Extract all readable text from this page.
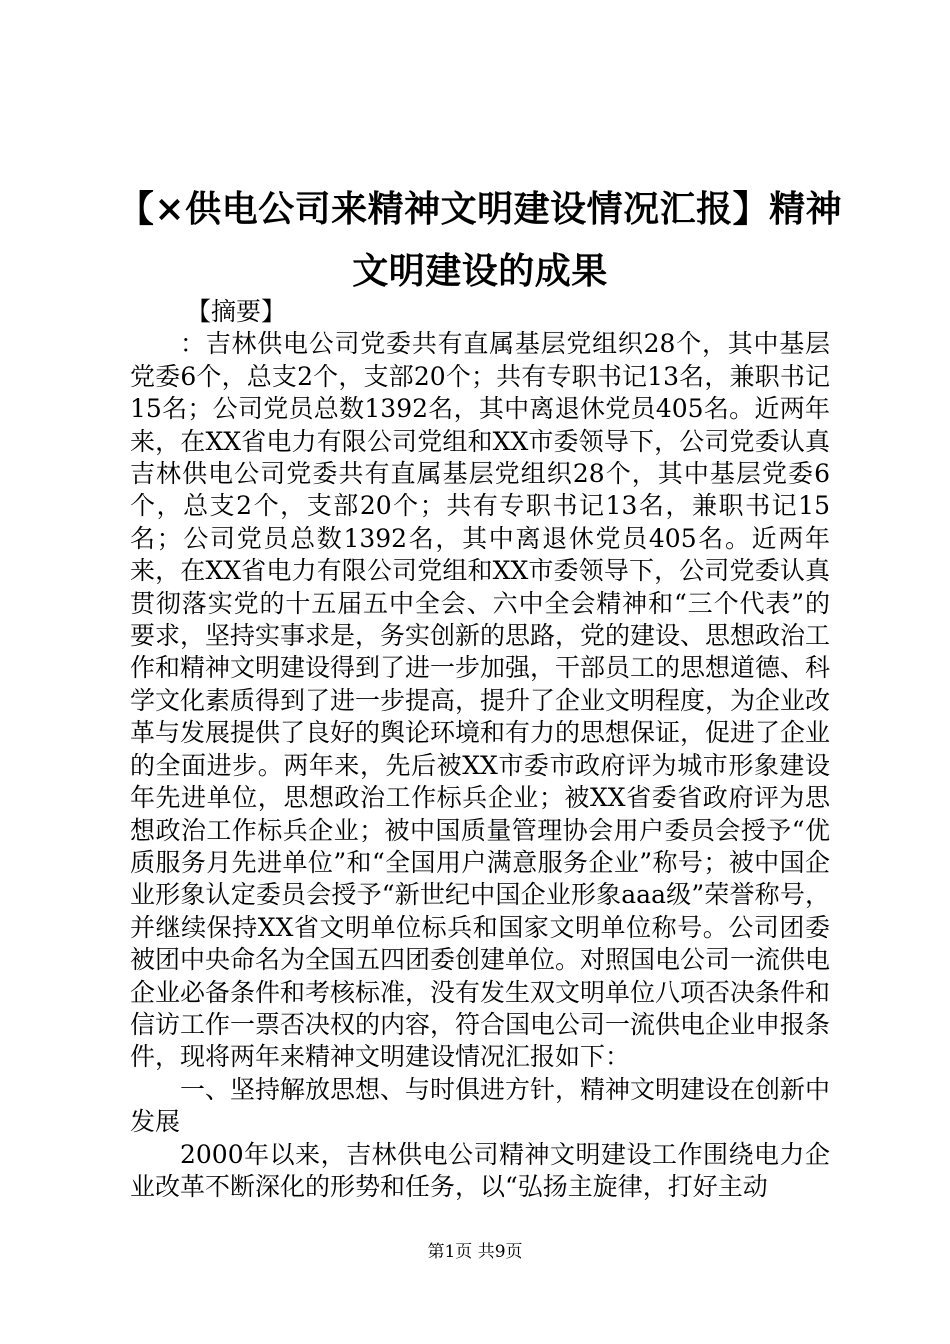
【×供电公司来精神文明建设情况汇报】精神文明建设的成果

【摘要】

：吉林供电公司党委共有直属基层党组织28个，其中基层党委6个，总支2个，支部20个；共有专职书记13名，兼职书记15名；公司党员总数1392名，其中离退休党员405名。近两年来，在XX省电力有限公司党组和XX市委领导下，公司党委认真吉林供电公司党委共有直属基层党组织28个，其中基层党委6个，总支2个，支部20个；共有专职书记13名，兼职书记15名；公司党员总数1392名，其中离退休党员405名。近两年来，在XX省电力有限公司党组和XX市委领导下，公司党委认真贯彻落实党的十五届五中全会、六中全会精神和“三个代表”的要求，坚持实事求是，务实创新的思路，党的建设、思想政治工作和精神文明建设得到了进一步加强，干部员工的思想道德、科学文化素质得到了进一步提高，提升了企业文明程度，为企业改革与发展提供了良好的舆论环境和有力的思想保证，促进了企业的全面进步。两年来，先后被XX市委市政府评为城市形象建设年先进单位，思想政治工作标兵企业；被XX省委省政府评为思想政治工作标兵企业；被中国质量管理协会用户委员会授予“优质服务月先进单位”和“全国用户满意服务企业”称号；被中国企业形象认定委员会授予“新世纪中国企业形象aaa级”荣誉称号，并继续保持XX省文明单位标兵和国家文明单位称号。公司团委被团中央命名为全国五四团委创建单位。对照国电公司一流供电企业必备条件和考核标准，没有发生双文明单位八项否决条件和信访工作一票否决权的内容，符合国电公司一流供电企业申报条件，现将两年来精神文明建设情况汇报如下：

一、坚持解放思想、与时俱进方针，精神文明建设在创新中发展

2000年以来，吉林供电公司精神文明建设工作围绕电力企业改革不断深化的形势和任务，以“弘扬主旋律，打好主动

第1页 共9页
